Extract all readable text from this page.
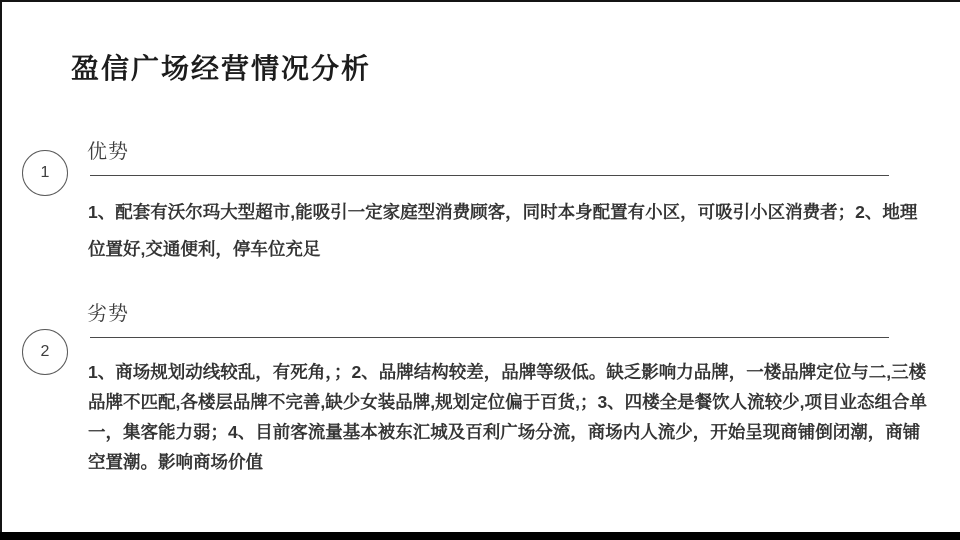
盈信广场经营情况分析
1
优势

1、配套有沃尔玛大型超市,能吸引一定家庭型消费顾客，同时本身配置有小区，可吸引小区消费者；2、地理位置好,交通便利，停车位充足

2
劣势

1、商场规划动线较乱，有死角，；2、品牌结构较差，品牌等级低。缺乏影响力品牌，一楼品牌定位与二,三楼品牌不匹配,各楼层品牌不完善,缺少女装品牌,规划定位偏于百货,；3、四楼全是餐饮人流较少,项目业态组合单一，集客能力弱；4、目前客流量基本被东汇城及百利广场分流，商场内人流少，开始呈现商铺倒闭潮，商铺空置潮。影响商场价值
